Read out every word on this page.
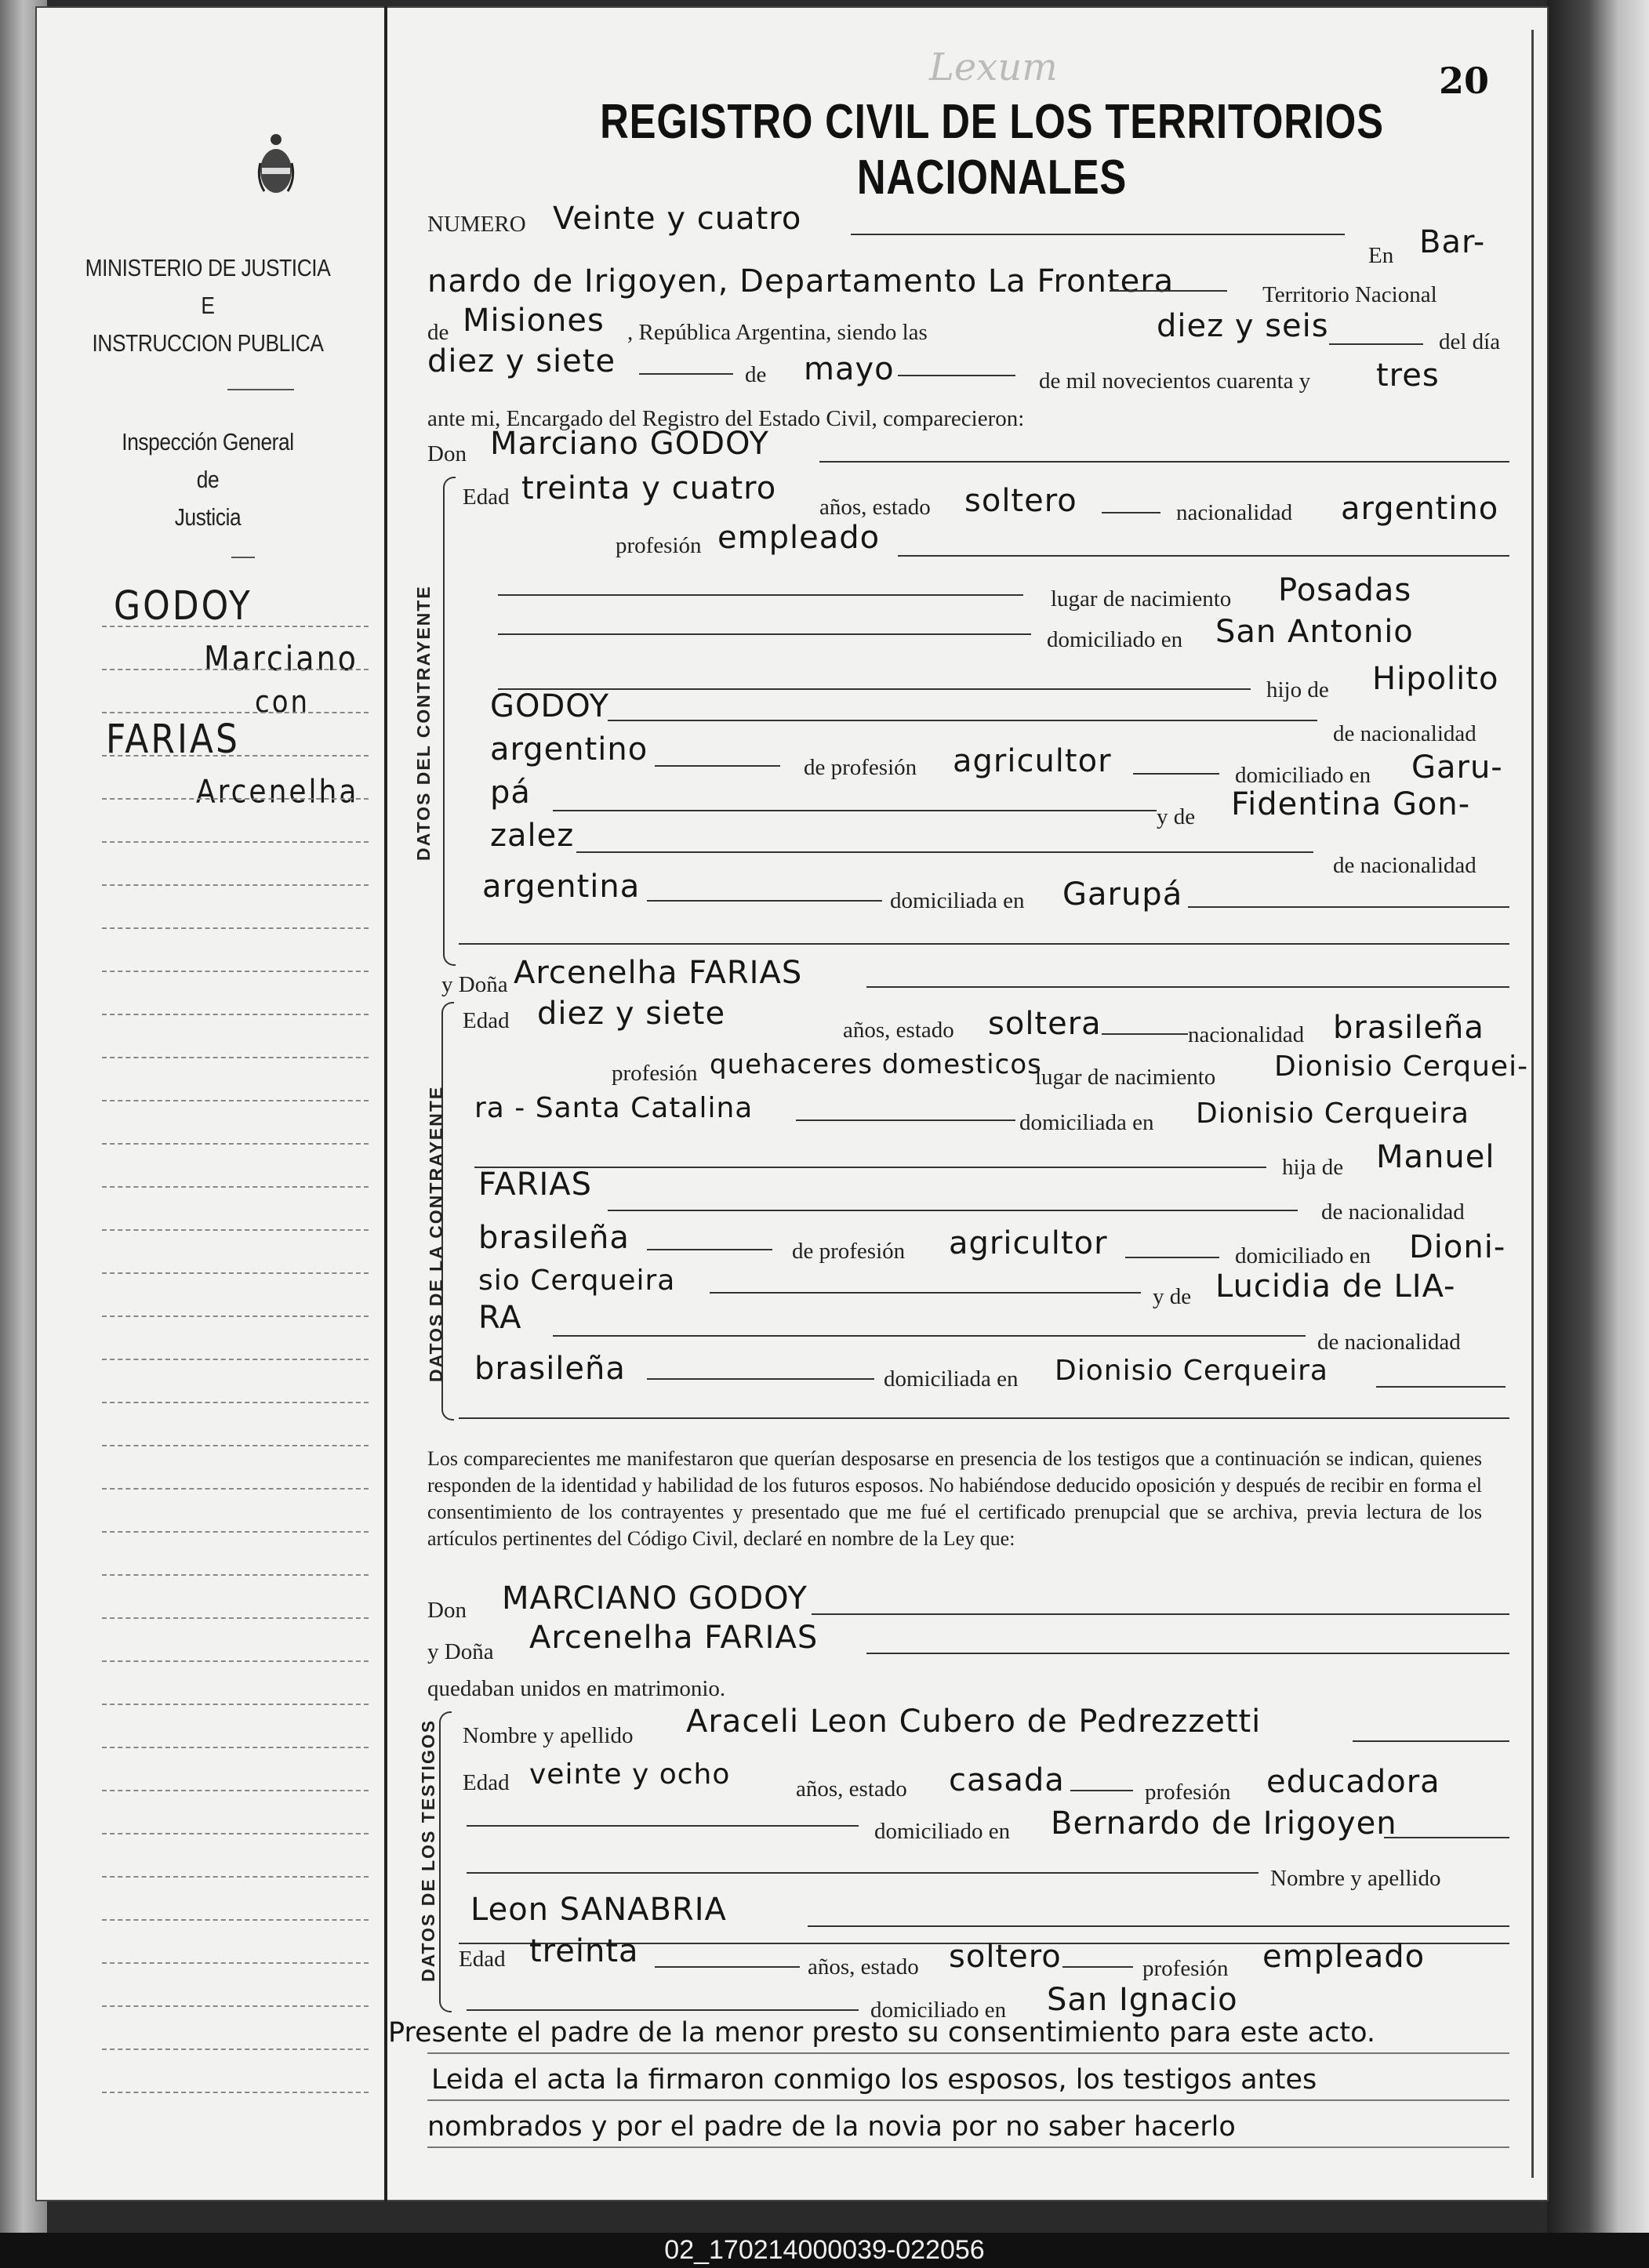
MINISTERIO DE JUSTICIA
E
INSTRUCCION PUBLICA
Inspección General
de
Justicia
GODOY
Marciano
con
FARIAS
Arcenelha
Lexum	20
REGISTRO CIVIL DE LOS TERRITORIOS NACIONALES
NUMERO Veinte y cuatro
En Bar-
nardo de Irigoyen, Departamento La Frontera	Territorio Nacional
de Misiones , República Argentina, siendo las	diez y seis	del día
diez y siete	de mayo	de mil novecientos cuarenta y tres
ante mi, Encargado del Registro del Estado Civil, comparecieron:
Don Marciano GODOY
DATOS DEL CONTRAYENTE
Edad treinta y cuatro
años, estado soltero	nacionalidad argentino
profesión empleado
lugar de nacimiento Posadas
domiciliado en San Antonio
hijo de Hipolito
GODOY
de nacionalidad
argentino	de profesión agricultor	domiciliado en Garu-
pá
y de Fidentina Gon-
zalez
de nacionalidad
argentina	domiciliada en Garupá
y Doña Arcenelha FARIAS
DATOS DE LA CONTRAYENTE
Edad diez y siete	años, estado soltera	nacionalidad brasileña
profesión quehaceres domesticos
lugar de nacimiento Dionisio Cerquei-
ra - Santa Catalina	domiciliada en Dionisio Cerqueira
hija de Manuel
FARIAS
de nacionalidad
brasileña	de profesión agricultor	domiciliado en Dioni-
sio Cerqueira	y de Lucidia de LIA-
RA
de nacionalidad
brasileña	domiciliada en Dionisio Cerqueira
Los comparecientes me manifestaron que querían desposarse en presencia de los testigos que a continuación se indican, quienes responden de la identidad y habilidad de los futuros esposos. No habiéndose deducido oposición y después de recibir en forma el consentimiento de los contrayentes y presentado que me fué el certificado prenupcial que se archiva, previa lectura de los artículos pertinentes del Código Civil, declaré en nombre de la Ley que:
Don MARCIANO GODOY
y Doña Arcenelha FARIAS
quedaban unidos en matrimonio.
DATOS DE LOS TESTIGOS Nombre y apellido Araceli Leon Cubero de Pedrezzetti
Edad veinte y ocho	años, estado casada	profesión educadora
domiciliado en Bernardo de Irigoyen
Nombre y apellido
Leon SANABRIA
Edad treinta	años, estado soltero	profesión empleado
domiciliado en San Ignacio
Presente el padre de la menor presto su consentimiento para este acto.
Leida el acta la firmaron conmigo los esposos, los testigos antes
nombrados y por el padre de la novia por no saber hacerlo
02_170214000039-022056
